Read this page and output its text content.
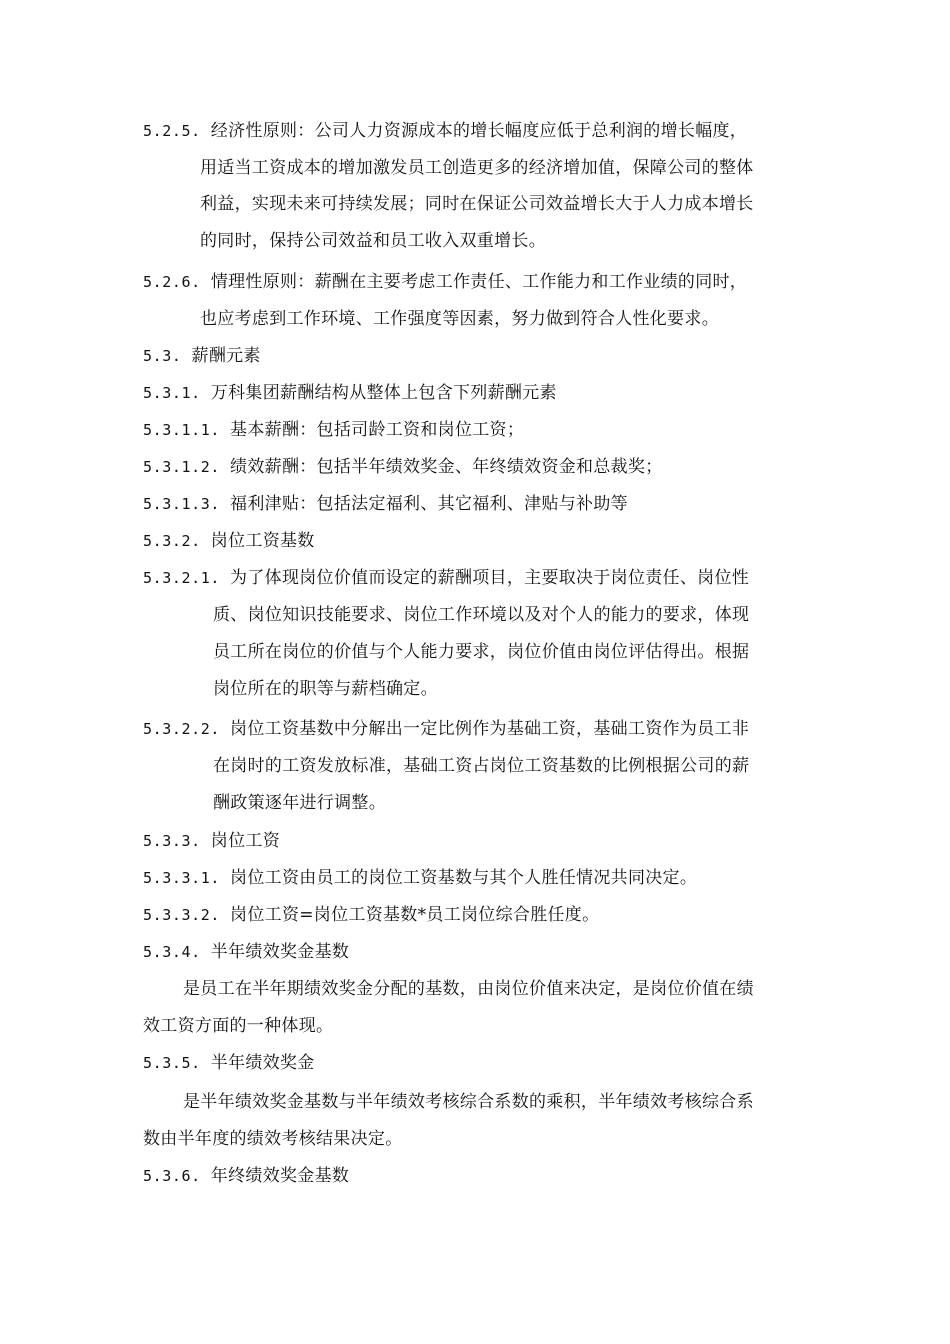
5.2.5. 经济性原则：公司人力资源成本的增长幅度应低于总利润的增长幅度，
用适当工资成本的增加激发员工创造更多的经济增加值，保障公司的整体
利益，实现未来可持续发展；同时在保证公司效益增长大于人力成本增长
的同时，保持公司效益和员工收入双重增长。
5.2.6. 情理性原则：薪酬在主要考虑工作责任、工作能力和工作业绩的同时，
也应考虑到工作环境、工作强度等因素，努力做到符合人性化要求。
5.3. 薪酬元素
5.3.1. 万科集团薪酬结构从整体上包含下列薪酬元素
5.3.1.1. 基本薪酬：包括司龄工资和岗位工资；
5.3.1.2. 绩效薪酬：包括半年绩效奖金、年终绩效资金和总裁奖；
5.3.1.3. 福利津贴：包括法定福利、其它福利、津贴与补助等
5.3.2. 岗位工资基数
5.3.2.1. 为了体现岗位价值而设定的薪酬项目，主要取决于岗位责任、岗位性
质、岗位知识技能要求、岗位工作环境以及对个人的能力的要求，体现
员工所在岗位的价值与个人能力要求，岗位价值由岗位评估得出。根据
岗位所在的职等与薪档确定。
5.3.2.2. 岗位工资基数中分解出一定比例作为基础工资，基础工资作为员工非
在岗时的工资发放标准，基础工资占岗位工资基数的比例根据公司的薪
酬政策逐年进行调整。
5.3.3. 岗位工资
5.3.3.1. 岗位工资由员工的岗位工资基数与其个人胜任情况共同决定。
5.3.3.2. 岗位工资=岗位工资基数*员工岗位综合胜任度。
5.3.4. 半年绩效奖金基数
是员工在半年期绩效奖金分配的基数，由岗位价值来决定，是岗位价值在绩
效工资方面的一种体现。
5.3.5. 半年绩效奖金
是半年绩效奖金基数与半年绩效考核综合系数的乘积，半年绩效考核综合系
数由半年度的绩效考核结果决定。
5.3.6. 年终绩效奖金基数
